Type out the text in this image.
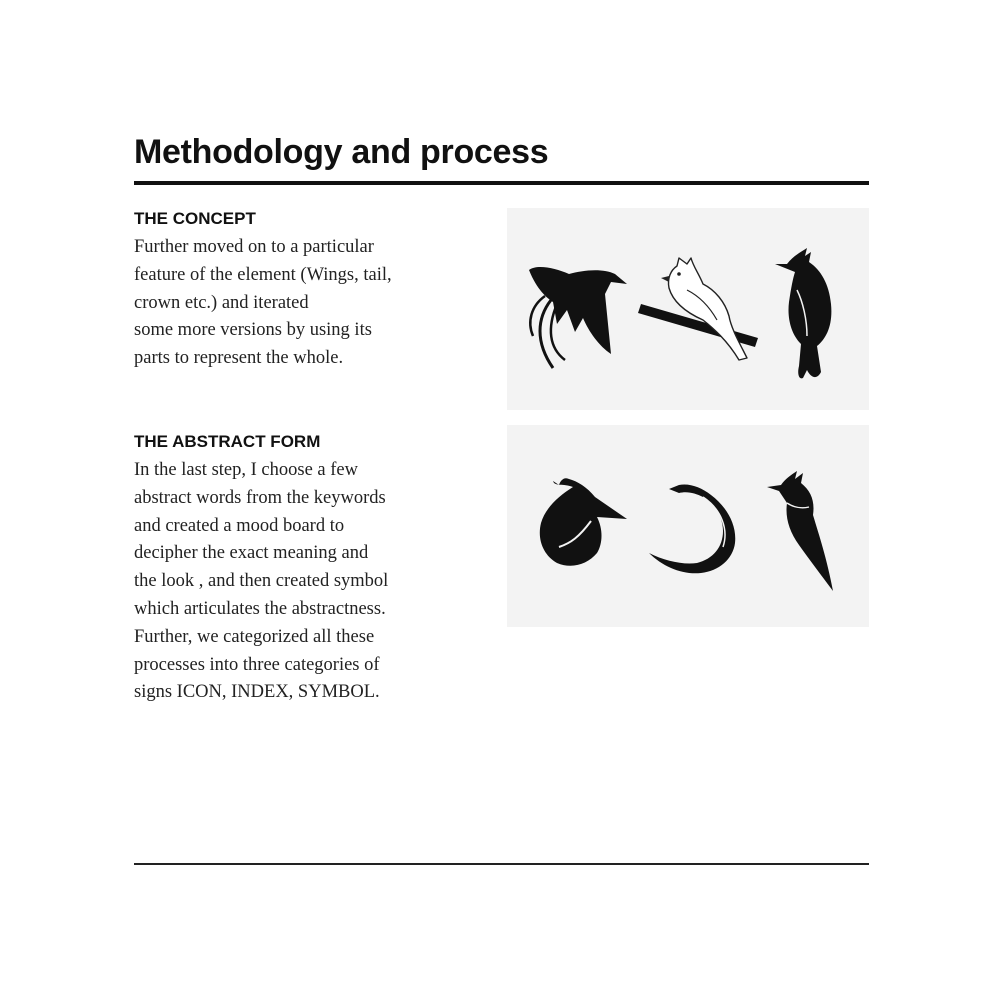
Methodology and process
THE CONCEPT

Further moved on to a particular
feature of the element (Wings, tail,
crown etc.) and iterated
some more versions by using its
parts to represent the whole.

THE ABSTRACT FORM

In the last step, I choose a few
abstract words from the keywords
and created a mood board to
decipher the exact meaning and
the look , and then created symbol
which articulates the abstractness.
Further, we categorized all these
processes into three categories of
signs ICON, INDEX, SYMBOL.
